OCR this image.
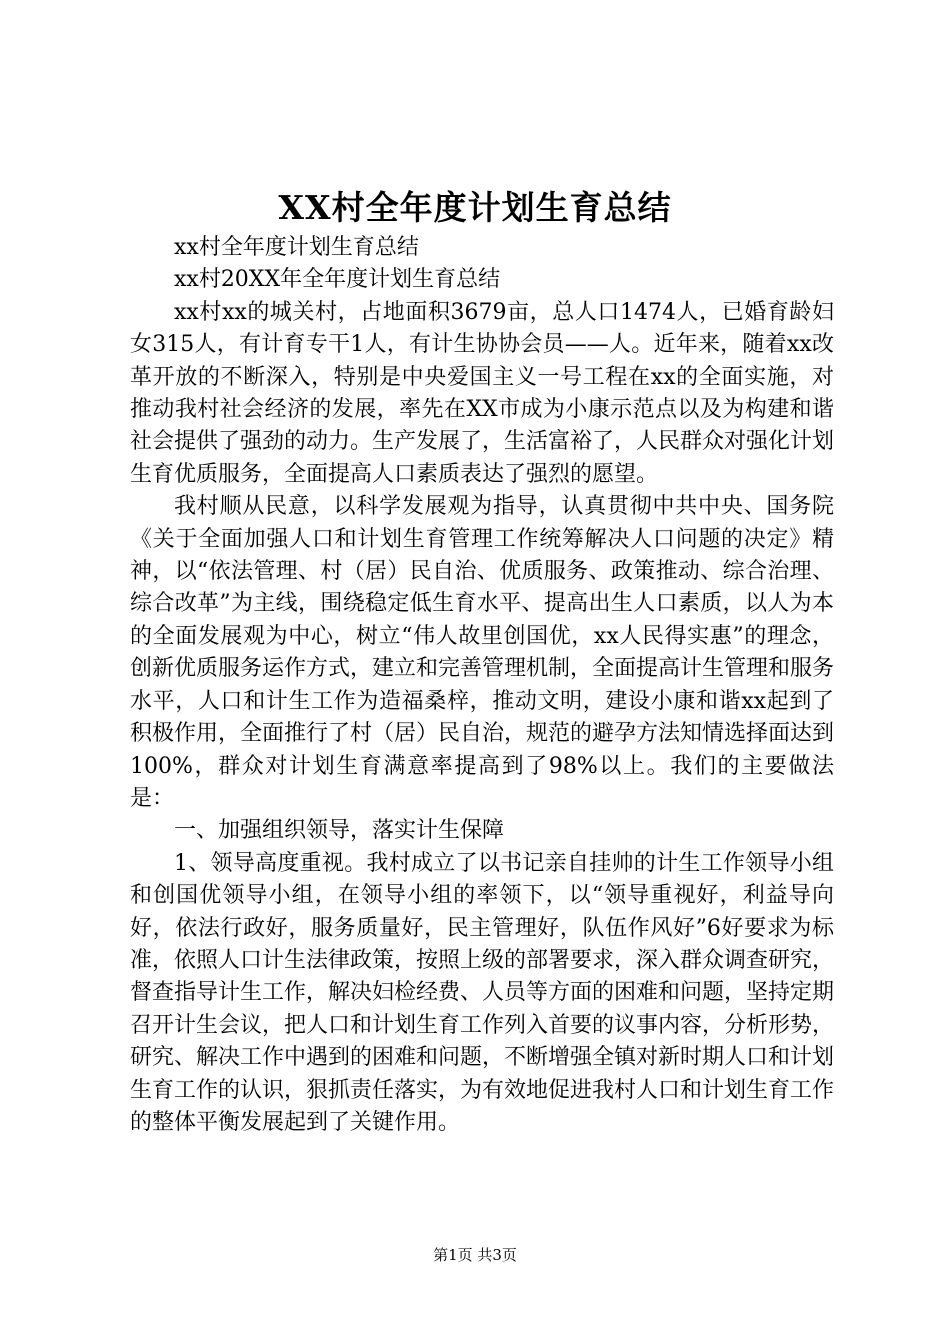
XX村全年度计划生育总结

xx村全年度计划生育总结

xx村20XX年全年度计划生育总结

xx村xx的城关村，占地面积3679亩，总人口1474人，已婚育龄妇女315人，有计育专干1人，有计生协协会员——人。近年来，随着xx改革开放的不断深入，特别是中央爱国主义一号工程在xx的全面实施，对推动我村社会经济的发展，率先在XX市成为小康示范点以及为构建和谐社会提供了强劲的动力。生产发展了，生活富裕了，人民群众对强化计划生育优质服务，全面提高人口素质表达了强烈的愿望。

我村顺从民意，以科学发展观为指导，认真贯彻中共中央、国务院《关于全面加强人口和计划生育管理工作统筹解决人口问题的决定》精神，以“依法管理、村（居）民自治、优质服务、政策推动、综合治理、综合改革”为主线，围绕稳定低生育水平、提高出生人口素质，以人为本的全面发展观为中心，树立“伟人故里创国优，xx人民得实惠”的理念，创新优质服务运作方式，建立和完善管理机制，全面提高计生管理和服务水平，人口和计生工作为造福桑梓，推动文明，建设小康和谐xx起到了积极作用，全面推行了村（居）民自治，规范的避孕方法知情选择面达到100%，群众对计划生育满意率提高到了98%以上。我们的主要做法是：

一、加强组织领导，落实计生保障

1、领导高度重视。我村成立了以书记亲自挂帅的计生工作领导小组和创国优领导小组，在领导小组的率领下，以“领导重视好，利益导向好，依法行政好，服务质量好，民主管理好，队伍作风好”6好要求为标准，依照人口计生法律政策，按照上级的部署要求，深入群众调查研究，督查指导计生工作，解决妇检经费、人员等方面的困难和问题，坚持定期召开计生会议，把人口和计划生育工作列入首要的议事内容，分析形势，研究、解决工作中遇到的困难和问题，不断增强全镇对新时期人口和计划生育工作的认识，狠抓责任落实，为有效地促进我村人口和计划生育工作的整体平衡发展起到了关键作用。

第1页 共3页
